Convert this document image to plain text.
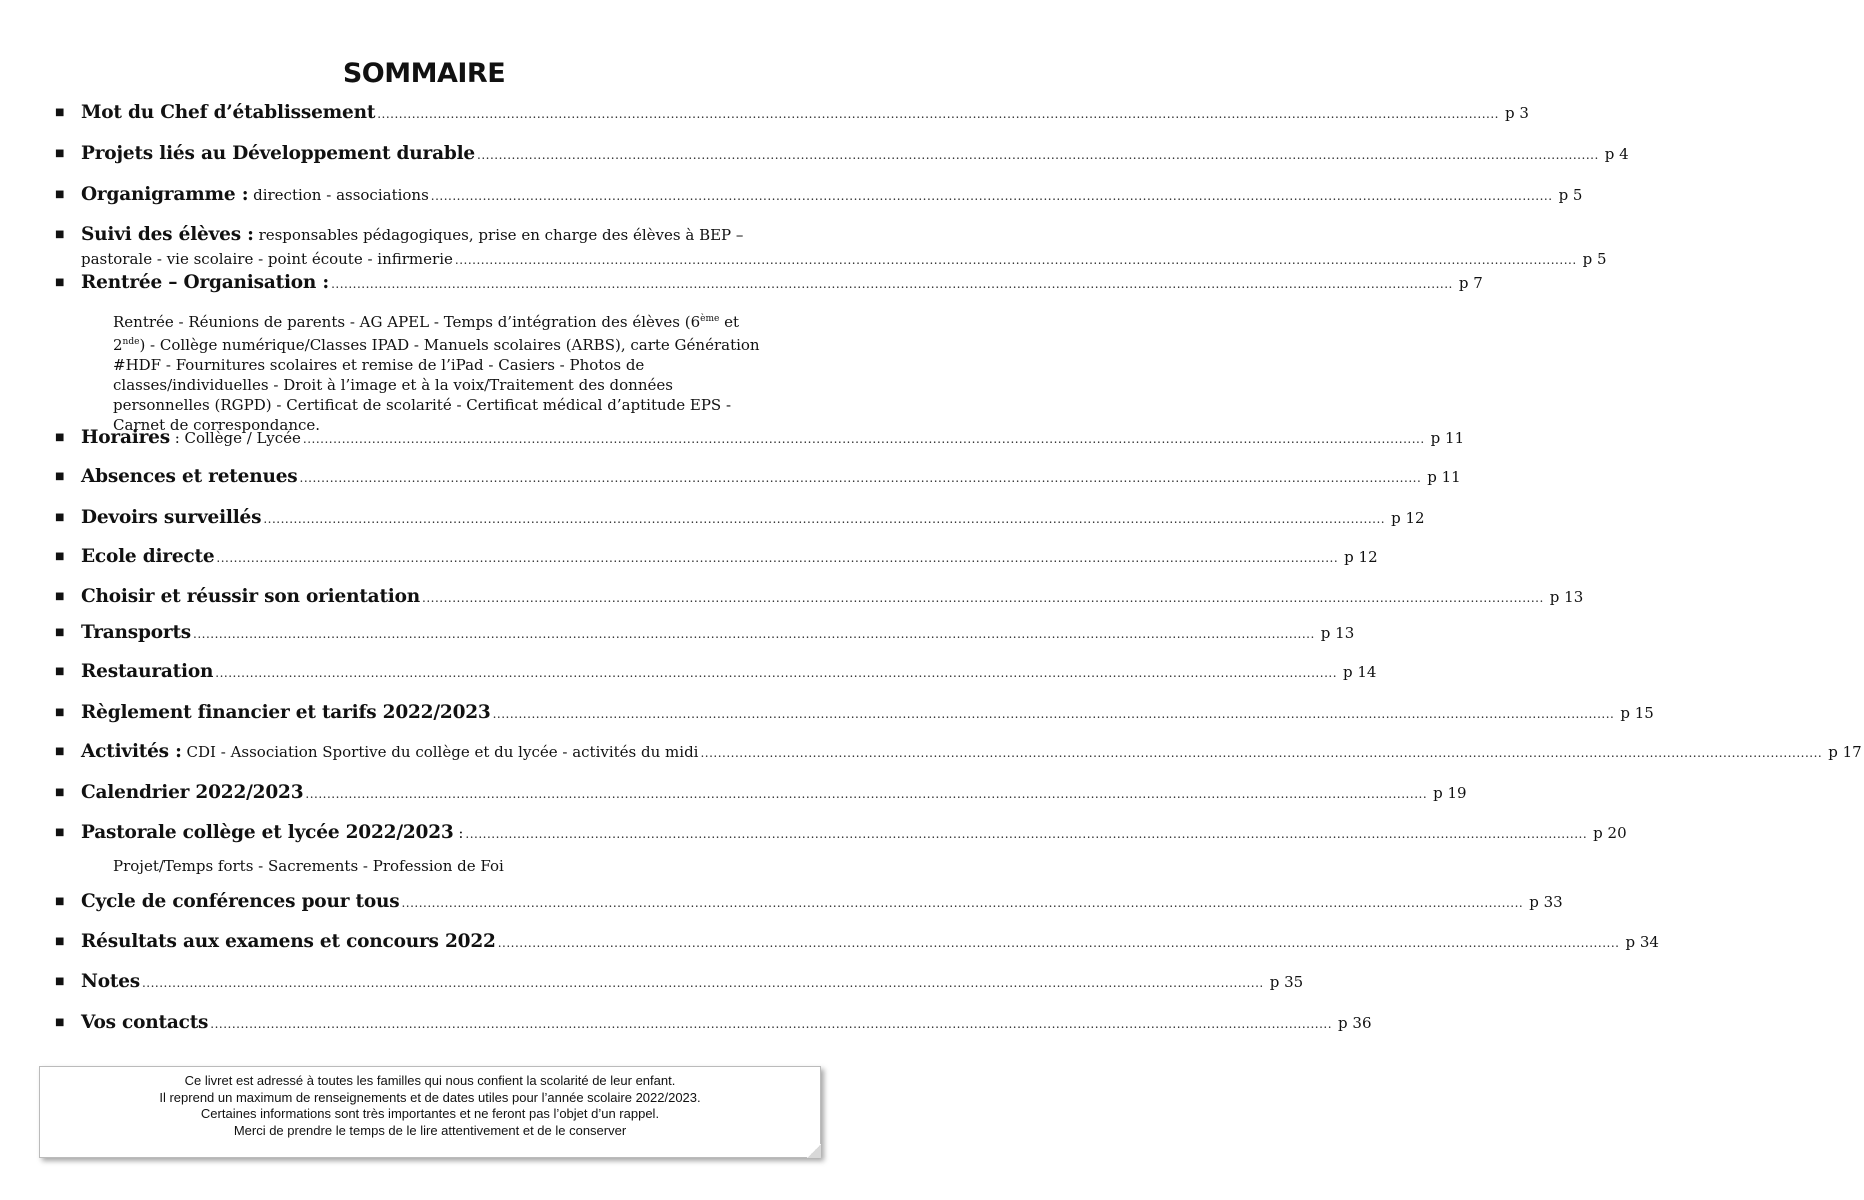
SOMMAIRE
■ Mot du Chef d’établissement .................................................................................................................................................................................................................................................................... p 3
■ Projets liés au Développement durable .................................................................................................................................................................................................................................................................... p 4
■ Organigramme : direction - associations .................................................................................................................................................................................................................................................................... p 5
■ Suivi des élèves : responsables pédagogiques, prise en charge des élèves à BEP –
pastorale - vie scolaire - point écoute - infirmerie .................................................................................................................................................................................................................................................................... p 5
■ Rentrée – Organisation : .................................................................................................................................................................................................................................................................... p 7
■ Horaires : Collège / Lycée .................................................................................................................................................................................................................................................................... p 11
■ Absences et retenues .................................................................................................................................................................................................................................................................... p 11
■ Devoirs surveillés .................................................................................................................................................................................................................................................................... p 12
■ Ecole directe .................................................................................................................................................................................................................................................................... p 12
■ Choisir et réussir son orientation .................................................................................................................................................................................................................................................................... p 13
■ Transports .................................................................................................................................................................................................................................................................... p 13
■ Restauration .................................................................................................................................................................................................................................................................... p 14
■ Règlement financier et tarifs 2022/2023 .................................................................................................................................................................................................................................................................... p 15
■ Activités : CDI - Association Sportive du collège et du lycée - activités du midi .................................................................................................................................................................................................................................................................... p 17
■ Calendrier 2022/2023 .................................................................................................................................................................................................................................................................... p 19
■ Pastorale collège et lycée 2022/2023 : .................................................................................................................................................................................................................................................................... p 20
■ Cycle de conférences pour tous .................................................................................................................................................................................................................................................................... p 33
■ Résultats aux examens et concours 2022 .................................................................................................................................................................................................................................................................... p 34
■ Notes .................................................................................................................................................................................................................................................................... p 35
■ Vos contacts .................................................................................................................................................................................................................................................................... p 36
Rentrée - Réunions de parents - AG APEL - Temps d’intégration des élèves (6ème et 2nde) - Collège numérique/Classes IPAD - Manuels scolaires (ARBS), carte Génération #HDF - Fournitures scolaires et remise de l’iPad - Casiers - Photos de classes/individuelles - Droit à l’image et à la voix/Traitement des données personnelles (RGPD) - Certificat de scolarité - Certificat médical d’aptitude EPS - Carnet de correspondance.
Projet/Temps forts - Sacrements - Profession de Foi
Ce livret est adressé à toutes les familles qui nous confient la scolarité de leur enfant.
Il reprend un maximum de renseignements et de dates utiles pour l’année scolaire 2022/2023.
Certaines informations sont très importantes et ne feront pas l’objet d’un rappel.
Merci de prendre le temps de le lire attentivement et de le conserver
